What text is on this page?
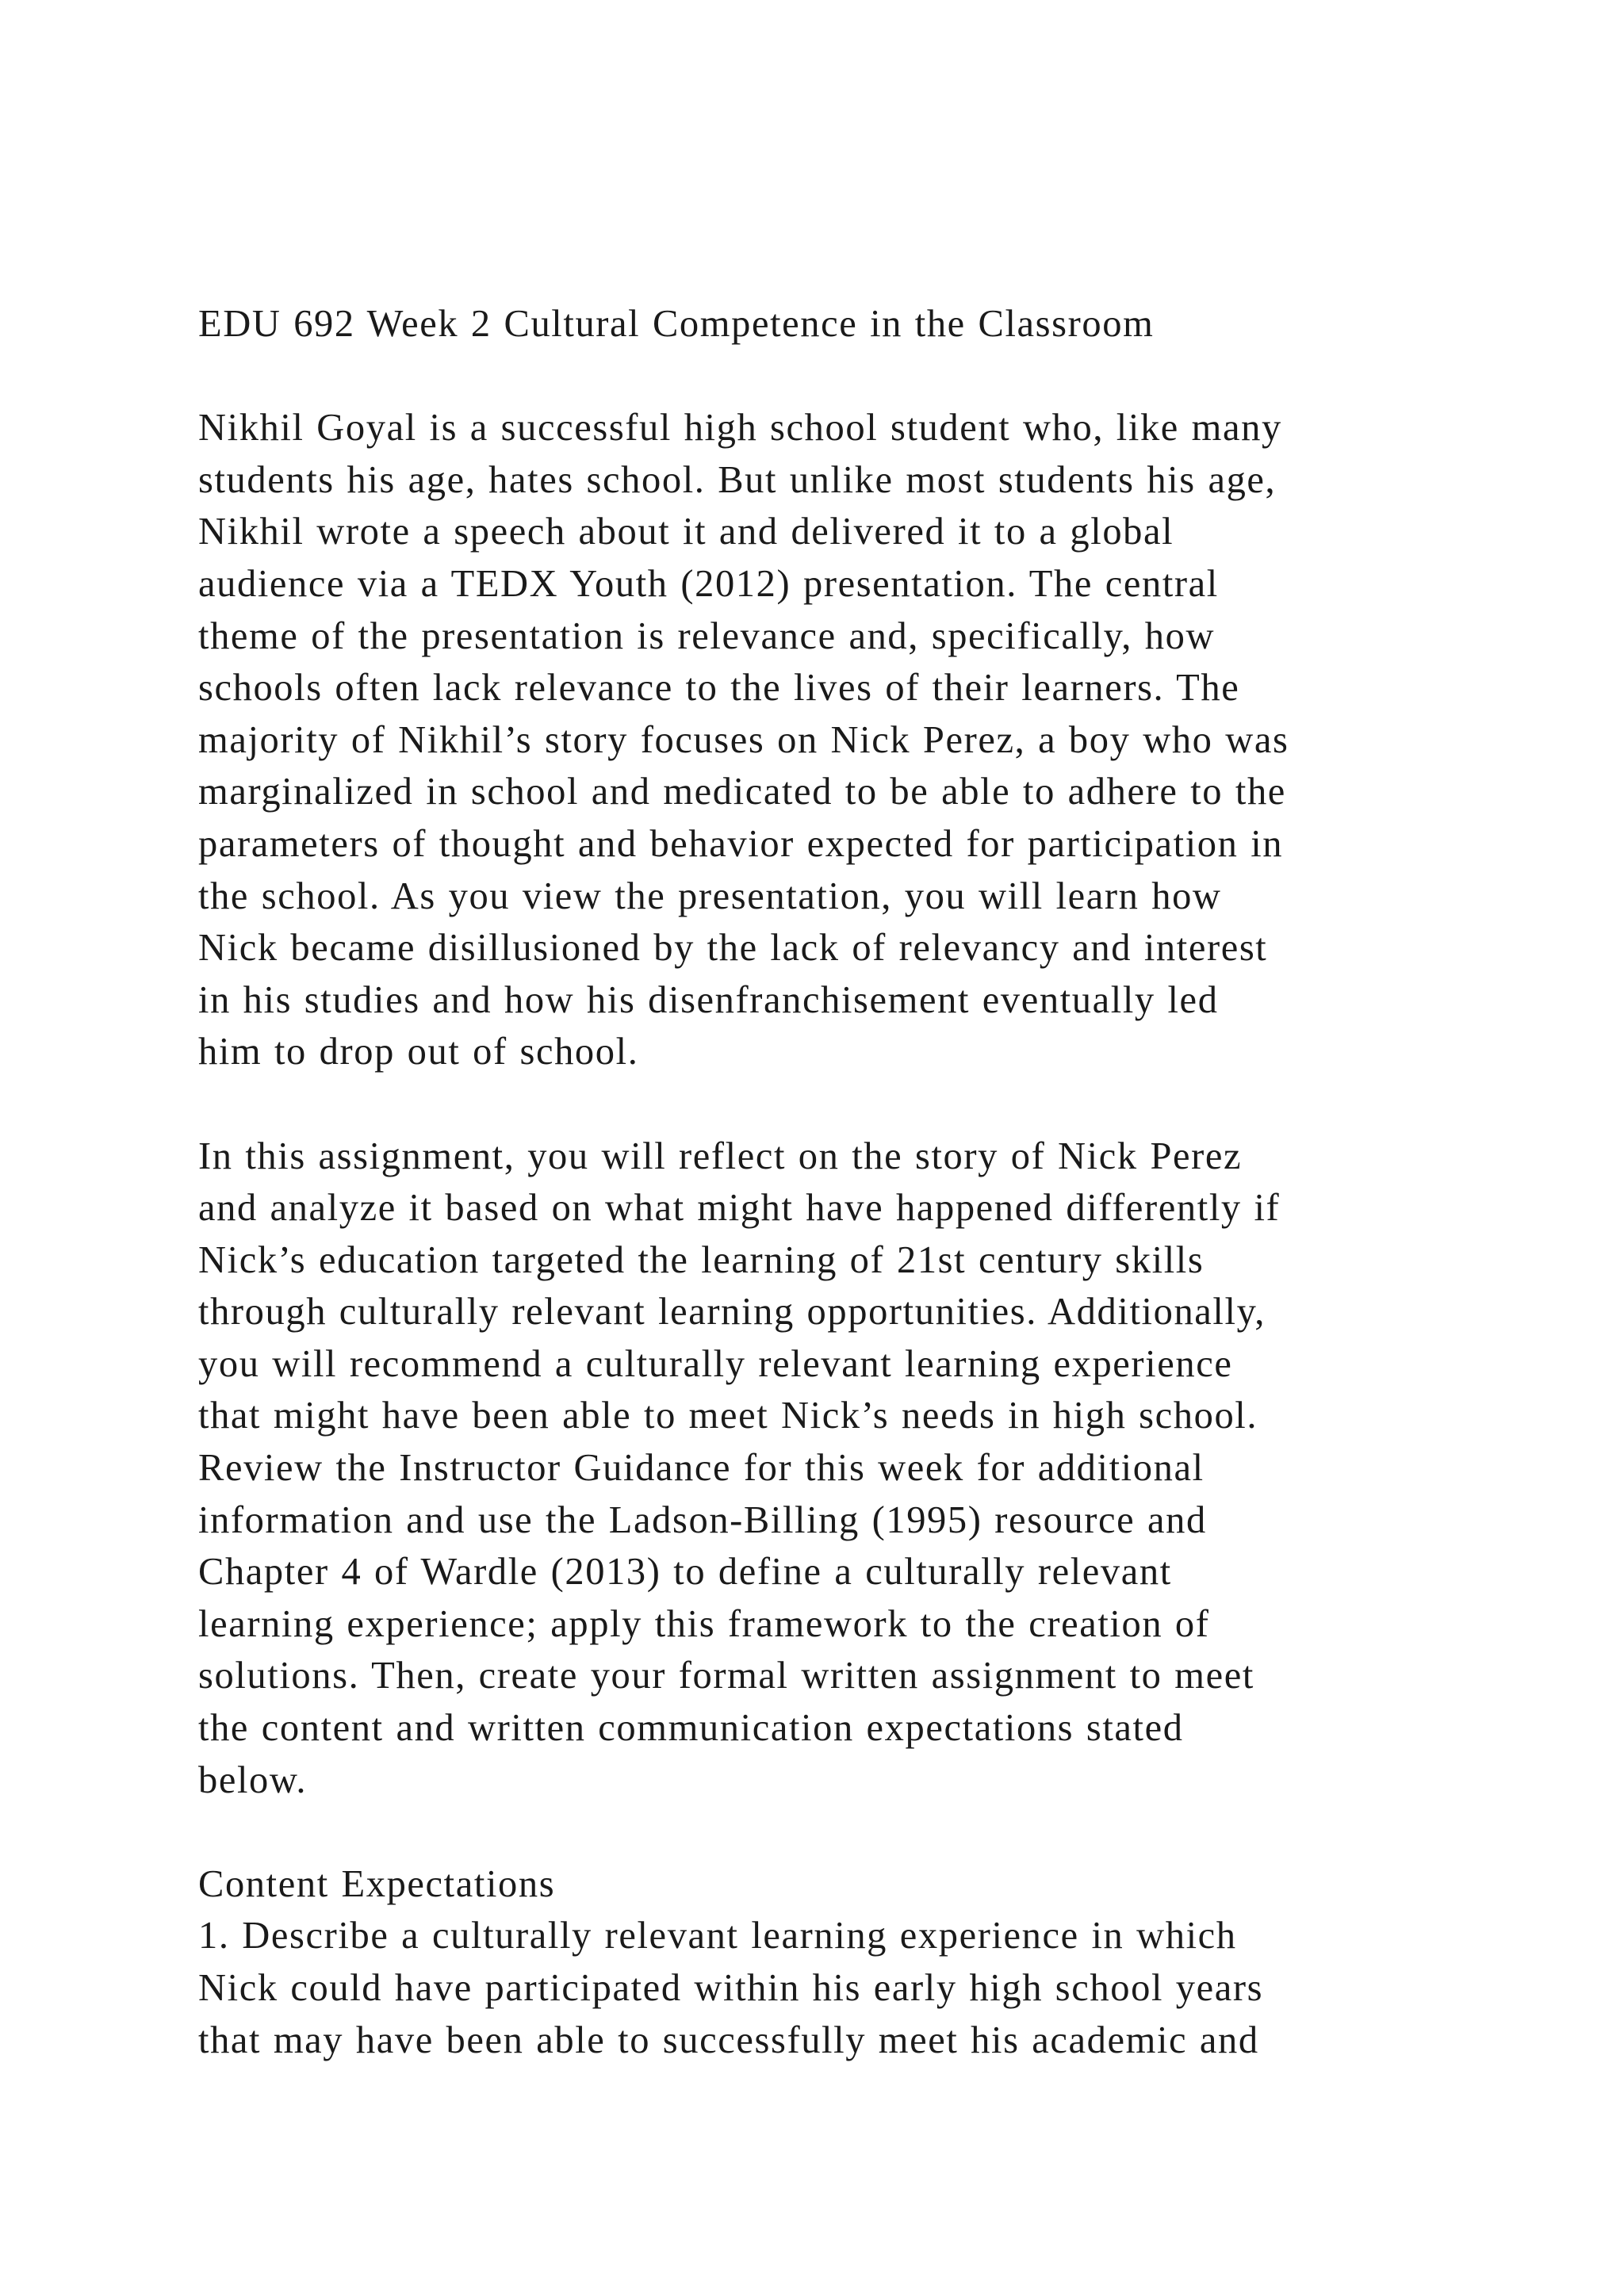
EDU 692 Week 2 Cultural Competence in the Classroom
Nikhil Goyal is a successful high school student who, like many
students his age, hates school. But unlike most students his age,
Nikhil wrote a speech about it and delivered it to a global
audience via a TEDX Youth (2012) presentation. The central
theme of the presentation is relevance and, specifically, how
schools often lack relevance to the lives of their learners. The
majority of Nikhil’s story focuses on Nick Perez, a boy who was
marginalized in school and medicated to be able to adhere to the
parameters of thought and behavior expected for participation in
the school. As you view the presentation, you will learn how
Nick became disillusioned by the lack of relevancy and interest
in his studies and how his disenfranchisement eventually led
him to drop out of school.
In this assignment, you will reflect on the story of Nick Perez
and analyze it based on what might have happened differently if
Nick’s education targeted the learning of 21st century skills
through culturally relevant learning opportunities. Additionally,
you will recommend a culturally relevant learning experience
that might have been able to meet Nick’s needs in high school.
Review the Instructor Guidance for this week for additional
information and use the Ladson-Billing (1995) resource and
Chapter 4 of Wardle (2013) to define a culturally relevant
learning experience; apply this framework to the creation of
solutions. Then, create your formal written assignment to meet
the content and written communication expectations stated
below.
Content Expectations
1. Describe a culturally relevant learning experience in which
Nick could have participated within his early high school years
that may have been able to successfully meet his academic and
